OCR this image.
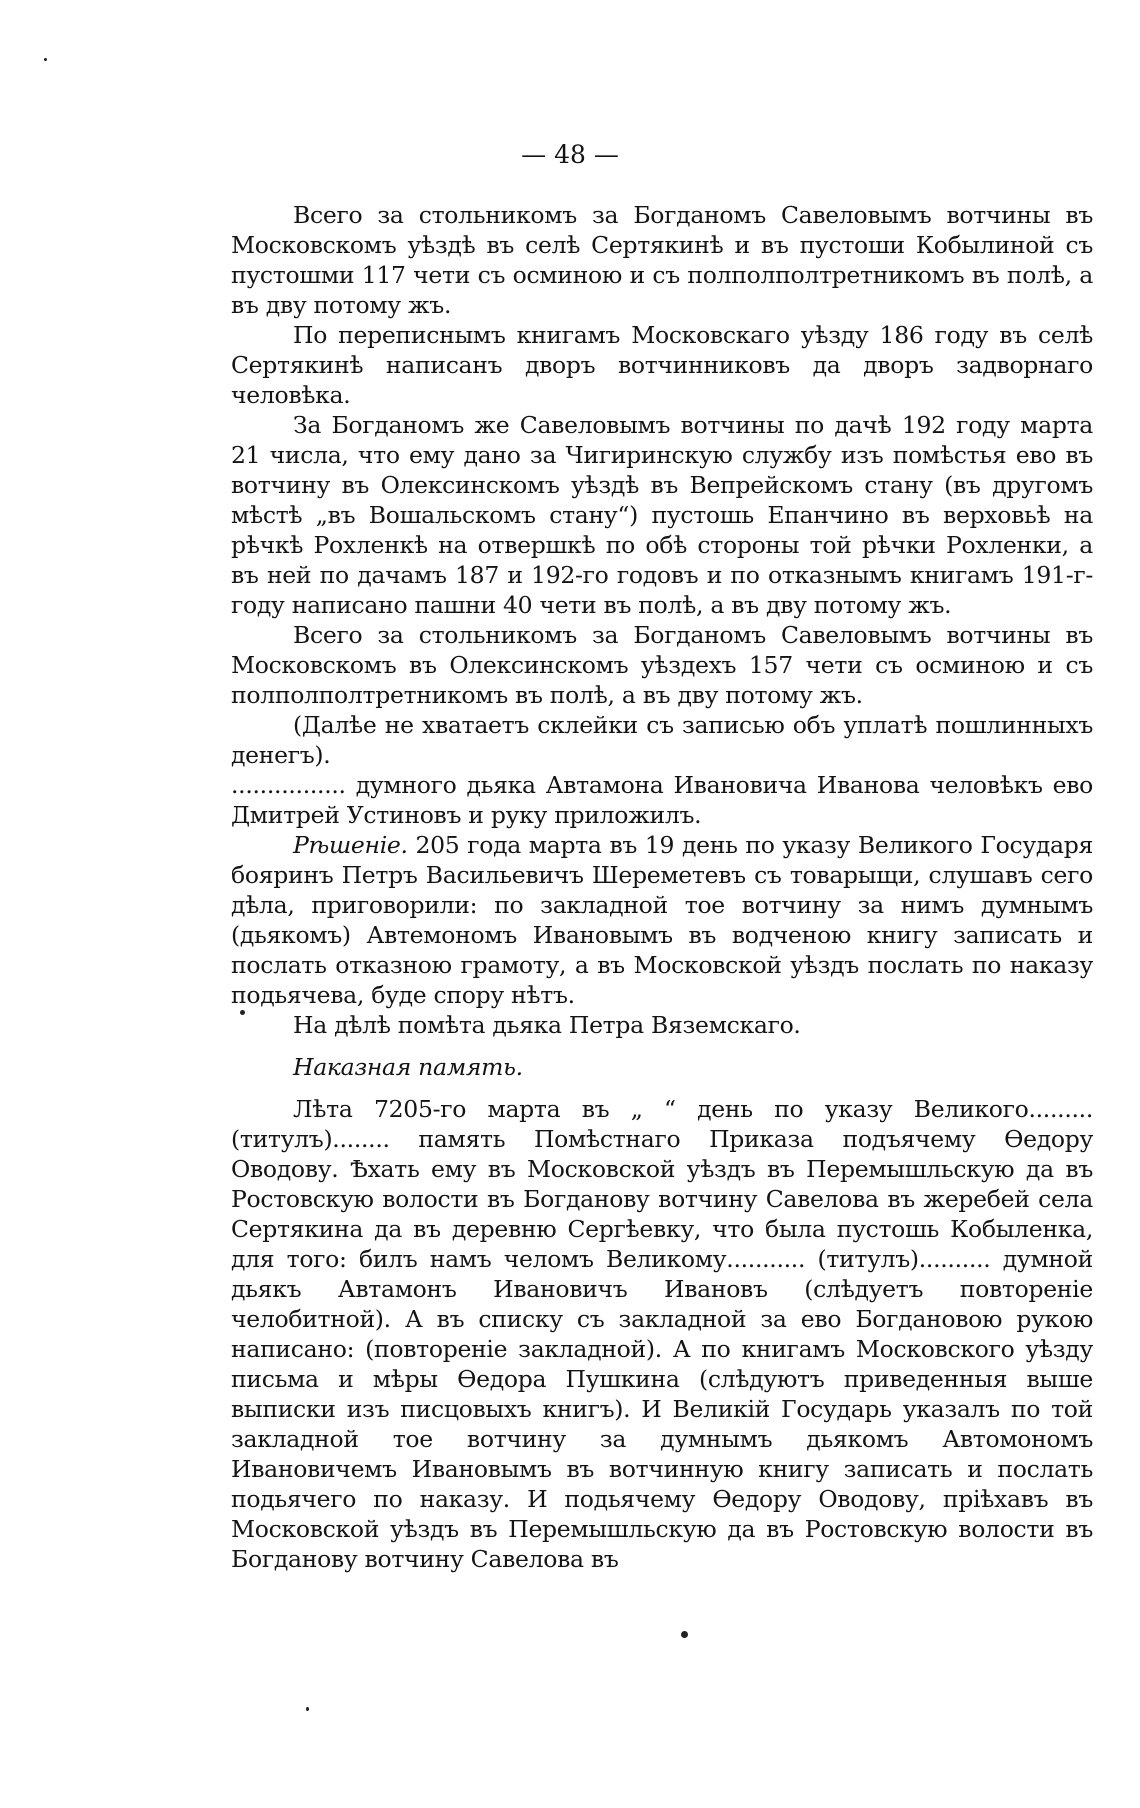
— 48 —

Всего за стольникомъ за Богданомъ Савеловымъ вотчины въ Московскомъ уѣздѣ въ селѣ Сертякинѣ и въ пустоши Кобылиной съ пустошми 117 чети съ осминою и съ полполполтретникомъ въ полѣ, а въ дву потому жъ.

По переписнымъ книгамъ Московскаго уѣзду 186 году въ селѣ Сертякинѣ написанъ дворъ вотчинниковъ да дворъ задворнаго человѣка.

За Богданомъ же Савеловымъ вотчины по дачѣ 192 году марта 21 числа, что ему дано за Чигиринскую службу изъ помѣстья ево въ вотчину въ Олексинскомъ уѣздѣ въ Вепрейскомъ стану (въ другомъ мѣстѣ „въ Вошальскомъ стану“) пустошь Епанчино въ верховьѣ на рѣчкѣ Рохленкѣ на отвершкѣ по обѣ стороны той рѣчки Рохленки, а въ ней по дачамъ 187 и 192-го годовъ и по отказнымъ книгамъ 191-г-году написано пашни 40 чети въ полѣ, а въ дву потому жъ.

Всего за стольникомъ за Богданомъ Савеловымъ вотчины въ Московскомъ въ Олексинскомъ уѣздехъ 157 чети съ осминою и съ полполполтретникомъ въ полѣ, а въ дву потому жъ.

(Далѣе не хватаетъ склейки съ записью объ уплатѣ пошлинныхъ денегъ).

................ думного дьяка Автамона Ивановича Иванова человѣкъ ево Дмитрей Устиновъ и руку приложилъ.

Рѣшеніе. 205 года марта въ 19 день по указу Великого Государя бояринъ Петръ Васильевичъ Шереметевъ съ товарыщи, слушавъ сего дѣла, приговорили: по закладной тое вотчину за нимъ думнымъ (дьякомъ) Автемономъ Ивановымъ въ водченою книгу записать и послать отказною грамоту, а въ Московской уѣздъ послать по наказу подьячева, буде спору нѣтъ.

На дѣлѣ помѣта дьяка Петра Вяземскаго.

Наказная память.

Лѣта 7205-го марта въ „ “ день по указу Великого......... (титулъ)........ память Помѣстнаго Приказа подъячему Ѳедору Оводову. Ѣхать ему въ Московской уѣздъ въ Перемышльскую да въ Ростовскую волости въ Богданову вотчину Савелова въ жеребей села Сертякина да въ деревню Сергѣевку, что была пустошь Кобыленка, для того: билъ намъ челомъ Великому........... (титулъ).......... думной дьякъ Автамонъ Ивановичъ Ивановъ (слѣдуетъ повтореніе челобитной). А въ списку съ закладной за ево Богдановою рукою написано: (повтореніе закладной). А по книгамъ Московского уѣзду письма и мѣры Ѳедора Пушкина (слѣдуютъ приведенныя выше выписки изъ писцовыхъ книгъ). И Великій Государь указалъ по той закладной тое вотчину за думнымъ дьякомъ Автомономъ Ивановичемъ Ивановымъ въ вотчинную книгу записать и послать подьячего по наказу. И подьячему Ѳедору Оводову, пріѣхавъ въ Московской уѣздъ въ Перемышльскую да въ Ростовскую волости въ Богданову вотчину Савелова въ
